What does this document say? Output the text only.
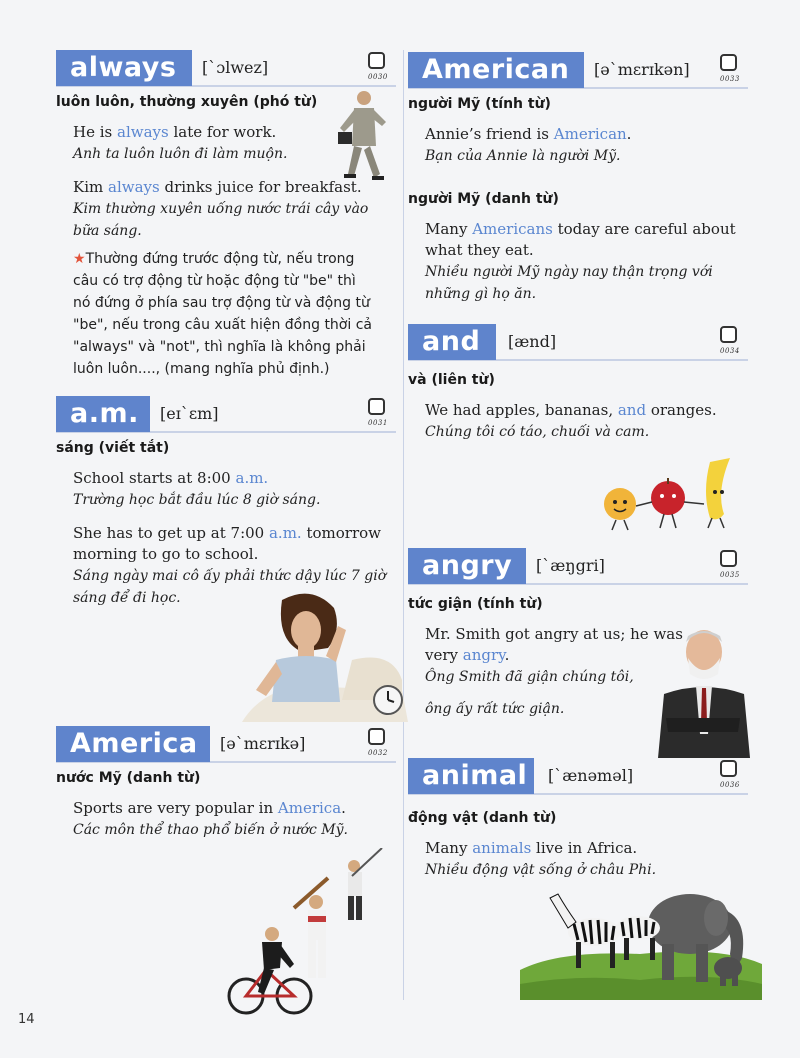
always	[ˋɔlwez]	0030
luôn luôn, thường xuyên (phó từ)
He is always late for work.
Anh ta luôn luôn đi làm muộn.
Kim always drinks juice for breakfast.
Kim thường xuyên uống nước trái cây vào
bữa sáng.
★Thường đứng trước động từ, nếu trong
câu có trợ động từ hoặc động từ "be" thì
nó đứng ở phía sau trợ động từ và động từ
"be", nếu trong câu xuất hiện đồng thời cả
"always" và "not", thì nghĩa là không phải
luôn luôn...., (mang nghĩa phủ định.)
a.m.	[eɪˋɛm]	0031
sáng (viết tắt)
School starts at 8:00 a.m.
Trường học bắt đầu lúc 8 giờ sáng.
She has to get up at 7:00 a.m. tomorrow
morning to go to school.
Sáng ngày mai cô ấy phải thức dậy lúc 7 giờ
sáng để đi học.
America	[əˋmɛrɪkə]	0032
nước Mỹ (danh từ)
Sports are very popular in America.
Các môn thể thao phổ biến ở nước Mỹ.
American	[əˋmɛrɪkən]	0033
người Mỹ (tính từ)
Annie’s friend is American.
Bạn của Annie là người Mỹ.
người Mỹ (danh từ)
Many Americans today are careful about
what they eat.
Nhiều người Mỹ ngày nay thận trọng với
những gì họ ăn.
and	[ænd]	0034
và (liên từ)
We had apples, bananas, and oranges.
Chúng tôi có táo, chuối và cam.
angry	[ˋæŋgri]	0035
tức giận (tính từ)
Mr. Smith got angry at us; he was
very angry.
Ông Smith đã giận chúng tôi,
ông ấy rất tức giận.
animal	[ˋænəməl]	0036
động vật (danh từ)
Many animals live in Africa.
Nhiều động vật sống ở châu Phi.
14
